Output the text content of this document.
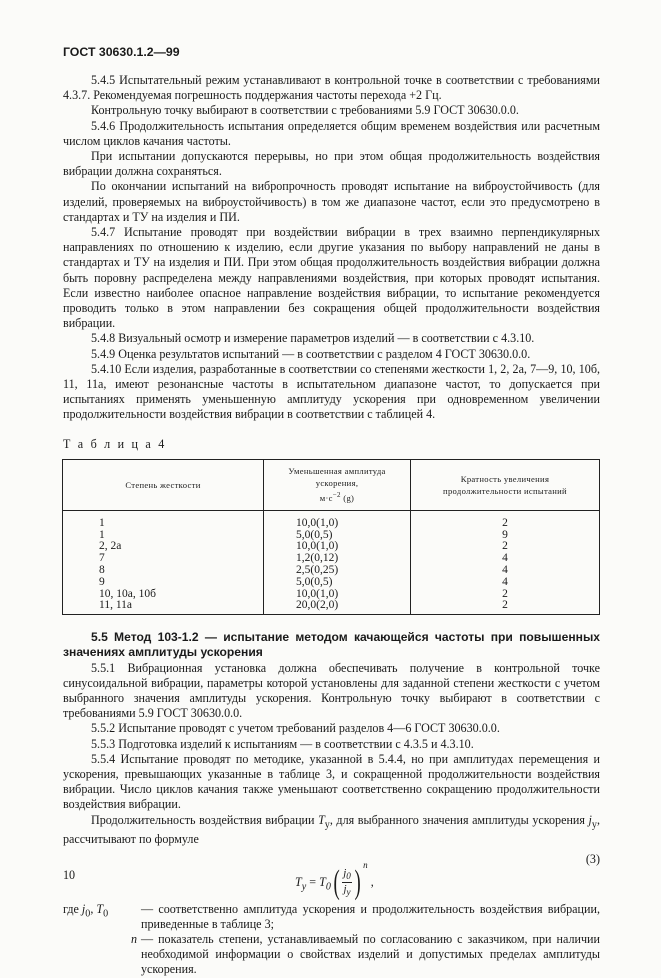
ГОСТ 30630.1.2—99

5.4.5 Испытательный режим устанавливают в контрольной точке в соответствии с требованиями 4.3.7. Рекомендуемая погрешность поддержания частоты перехода +2 Гц.

Контрольную точку выбирают в соответствии с требованиями 5.9 ГОСТ 30630.0.0.

5.4.6 Продолжительность испытания определяется общим временем воздействия или расчетным числом циклов качания частоты.

При испытании допускаются перерывы, но при этом общая продолжительность воздействия вибрации должна сохраняться.

По окончании испытаний на вибропрочность проводят испытание на виброустойчивость (для изделий, проверяемых на виброустойчивость) в том же диапазоне частот, если это предусмотрено в стандартах и ТУ на изделия и ПИ.

5.4.7 Испытание проводят при воздействии вибрации в трех взаимно перпендикулярных направлениях по отношению к изделию, если другие указания по выбору направлений не даны в стандартах и ТУ на изделия и ПИ. При этом общая продолжительность воздействия вибрации должна быть поровну распределена между направлениями воздействия, при которых проводят испытания. Если известно наиболее опасное направление воздействия вибрации, то испытание рекомендуется проводить только в этом направлении без сокращения общей продолжительности воздействия вибрации.

5.4.8 Визуальный осмотр и измерение параметров изделий — в соответствии с 4.3.10.

5.4.9 Оценка результатов испытаний — в соответствии с разделом 4 ГОСТ 30630.0.0.

5.4.10 Если изделия, разработанные в соответствии со степенями жесткости 1, 2, 2а, 7—9, 10, 10б, 11, 11а, имеют резонансные частоты в испытательном диапазоне частот, то допускается при испытаниях применять уменьшенную амплитуду ускорения при одновременном увеличении продолжительности воздействия вибрации в соответствии с таблицей 4.

Т а б л и ц а 4

Степень жесткости	Уменьшенная амплитуда ускорения,
$м\cdot с^{-2}$ (g)	Кратность увеличения
продолжительности испытаний
1	10,0(1,0)	2
1	5,0(0,5)	9
2, 2а	10,0(1,0)	2
7	1,2(0,12)	4
8	2,5(0,25)	4
9	5,0(0,5)	4
10, 10а, 10б	10,0(1,0)	2
11, 11а	20,0(2,0)	2
5.5 Метод 103-1.2 — испытание методом качающейся частоты при повышенных значениях амплитуды ускорения

5.5.1 Вибрационная установка должна обеспечивать получение в контрольной точке синусоидальной вибрации, параметры которой установлены для заданной степени жесткости с учетом выбранного значения амплитуды ускорения. Контрольную точку выбирают в соответствии с требованиями 5.9 ГОСТ 30630.0.0.

5.5.2 Испытание проводят с учетом требований разделов 4—6 ГОСТ 30630.0.0.

5.5.3 Подготовка изделий к испытаниям — в соответствии с 4.3.5 и 4.3.10.

5.5.4 Испытание проводят по методике, указанной в 5.4.4, но при амплитудах перемещения и ускорения, превышающих указанные в таблице 3, и сокращенной продолжительности воздействия вибрации. Число циклов качания также уменьшают соответственно сокращению продолжительности воздействия вибрации.

Продолжительность воздействия вибрации $T_y$, для выбранного значения амплитуды ускорения $j_y$, рассчитывают по формуле

$T_y = T_0( \frac{j_0}{j_y}$ ) $^n$ ,
(3)
где $j_0$, $T_0$	— соответственно амплитуда ускорения и продолжительность воздействия вибрации, приведенные в таблице 3;
n — показатель степени, устанавливаемый по согласованию с заказчиком, при наличии необходимой информации о свойствах изделий и допустимых пределах амплитуды ускорения.
10
